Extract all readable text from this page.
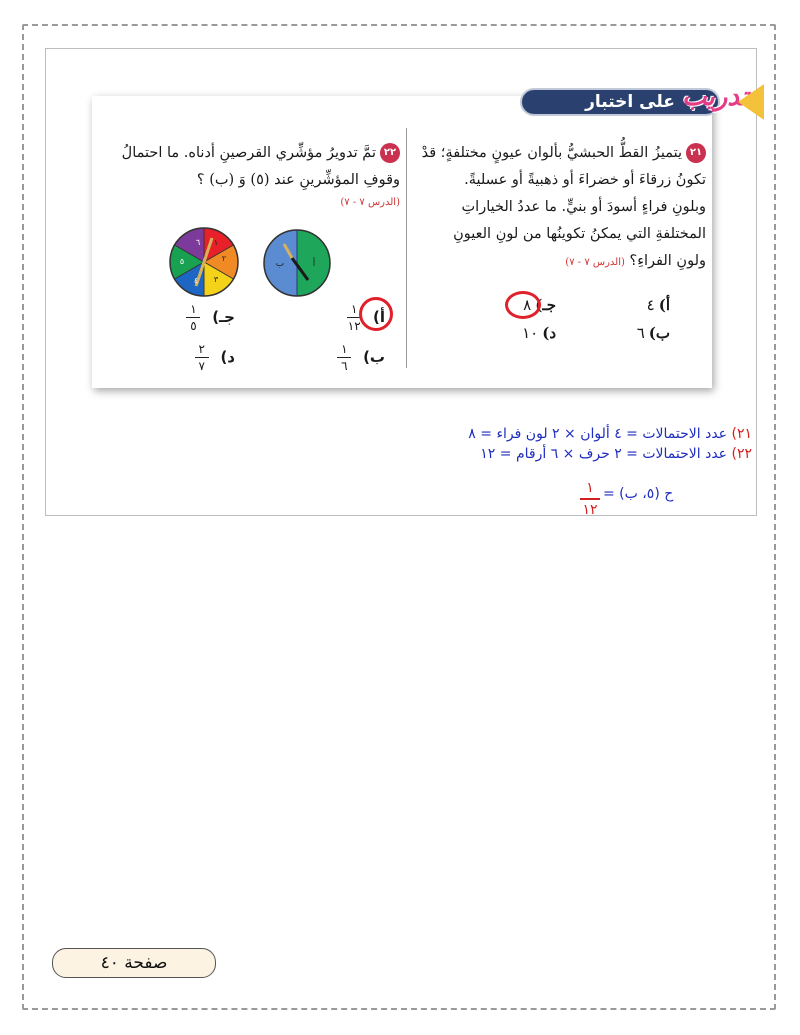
على اختبار تدريب
٢١يتميزُ القطُّ الحبشيُّ بألوان عيونٍ مختلفةٍ؛ قدْ
تكونُ زرقاءَ أو خضراءَ أو ذهبيةً أو عسليةً.
وبلونِ فراءٍ أسودَ أو بنيٍّ. ما عددُ الخياراتِ
المختلفةِ التي يمكنُ تكوينُها من لونِ العيونِ
ولونِ الفراءِ؟ (الدرس ٧ - ٧)
أ)٤
ب)٦
جـ)٨
د)١٠
٢٢تمَّ تدويرُ مؤشِّري القرصينِ أدناه. ما احتمالُ
وقوفِ المؤشِّرينِ عند (٥) وَ (ب) ؟
(الدرس ٧ - ٧)
أ
ب
٦
٢
٣
٤
٥
١
أ)
$\frac{١}{١٢}$
ب)
$\frac{١}{٦}$
جـ)
$\frac{١}{٥}$
د)
$\frac{٢}{٧}$
٢١) عدد الاحتمالات = ٤ ألوان × ٢ لون فراء = ٨
٢٢) عدد الاحتمالات = ٢ حرف × ٦ أرقام = ١٢
ح (٥، ب) =
١
١٢
صفحة ٤٠
